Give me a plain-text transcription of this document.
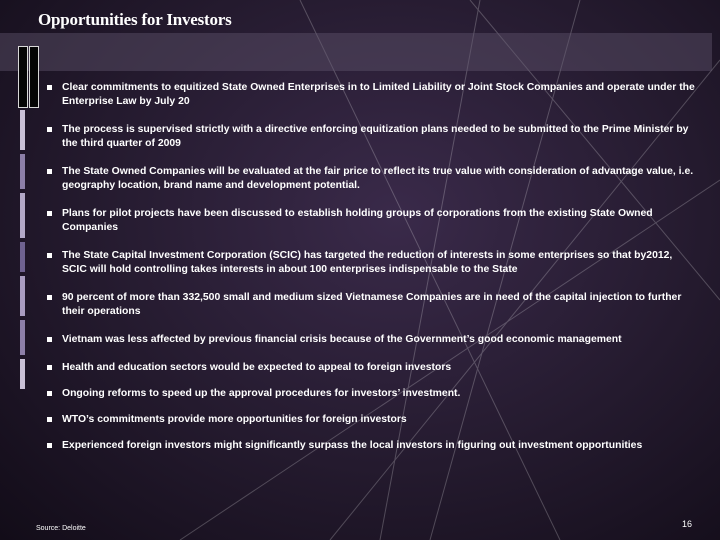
Opportunities for Investors
Clear commitments to equitized State Owned Enterprises in to Limited Liability or Joint Stock Companies and operate under the Enterprise Law by July 20
The process is supervised strictly with a directive enforcing equitization plans needed to be submitted to the Prime Minister by the third quarter of 2009
The State Owned Companies will be evaluated at the fair price to reflect its true value with consideration of advantage value, i.e. geography location, brand name and development potential.
Plans for pilot projects have been discussed to establish holding groups of corporations from the existing State Owned Companies
The State Capital Investment Corporation (SCIC) has targeted the reduction of interests in some enterprises so that by2012, SCIC will hold controlling takes interests in about 100 enterprises indispensable to the State
90 percent of more than 332,500 small and medium sized Vietnamese Companies are in need of the capital injection to further their operations
Vietnam was less affected by previous financial crisis because of the Government’s good economic management
Health and education sectors would be expected to appeal to foreign investors
Ongoing reforms to speed up the approval procedures for investors’ investment.
WTO’s commitments provide more opportunities for foreign investors
Experienced foreign investors might significantly surpass the local investors in figuring out investment opportunities
Source: Deloitte	16
